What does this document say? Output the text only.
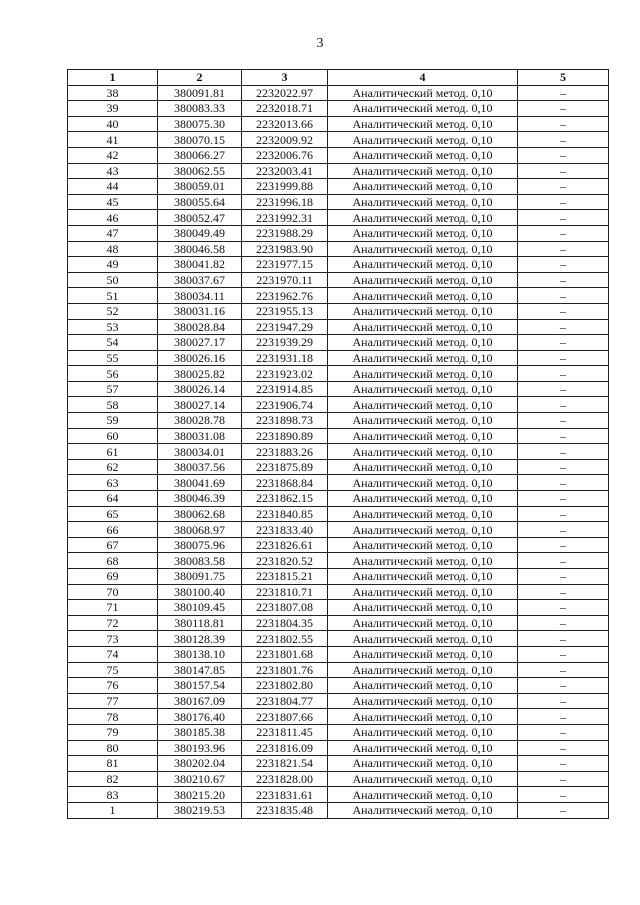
3
1	2	3	4	5
38	380091.81	2232022.97	Аналитический метод. 0,10	–
39	380083.33	2232018.71	Аналитический метод. 0,10	–
40	380075.30	2232013.66	Аналитический метод. 0,10	–
41	380070.15	2232009.92	Аналитический метод. 0,10	–
42	380066.27	2232006.76	Аналитический метод. 0,10	–
43	380062.55	2232003.41	Аналитический метод. 0,10	–
44	380059.01	2231999.88	Аналитический метод. 0,10	–
45	380055.64	2231996.18	Аналитический метод. 0,10	–
46	380052.47	2231992.31	Аналитический метод. 0,10	–
47	380049.49	2231988.29	Аналитический метод. 0,10	–
48	380046.58	2231983.90	Аналитический метод. 0,10	–
49	380041.82	2231977.15	Аналитический метод. 0,10	–
50	380037.67	2231970.11	Аналитический метод. 0,10	–
51	380034.11	2231962.76	Аналитический метод. 0,10	–
52	380031.16	2231955.13	Аналитический метод. 0,10	–
53	380028.84	2231947.29	Аналитический метод. 0,10	–
54	380027.17	2231939.29	Аналитический метод. 0,10	–
55	380026.16	2231931.18	Аналитический метод. 0,10	–
56	380025.82	2231923.02	Аналитический метод. 0,10	–
57	380026.14	2231914.85	Аналитический метод. 0,10	–
58	380027.14	2231906.74	Аналитический метод. 0,10	–
59	380028.78	2231898.73	Аналитический метод. 0,10	–
60	380031.08	2231890.89	Аналитический метод. 0,10	–
61	380034.01	2231883.26	Аналитический метод. 0,10	–
62	380037.56	2231875.89	Аналитический метод. 0,10	–
63	380041.69	2231868.84	Аналитический метод. 0,10	–
64	380046.39	2231862.15	Аналитический метод. 0,10	–
65	380062.68	2231840.85	Аналитический метод. 0,10	–
66	380068.97	2231833.40	Аналитический метод. 0,10	–
67	380075.96	2231826.61	Аналитический метод. 0,10	–
68	380083.58	2231820.52	Аналитический метод. 0,10	–
69	380091.75	2231815.21	Аналитический метод. 0,10	–
70	380100.40	2231810.71	Аналитический метод. 0,10	–
71	380109.45	2231807.08	Аналитический метод. 0,10	–
72	380118.81	2231804.35	Аналитический метод. 0,10	–
73	380128.39	2231802.55	Аналитический метод. 0,10	–
74	380138.10	2231801.68	Аналитический метод. 0,10	–
75	380147.85	2231801.76	Аналитический метод. 0,10	–
76	380157.54	2231802.80	Аналитический метод. 0,10	–
77	380167.09	2231804.77	Аналитический метод. 0,10	–
78	380176.40	2231807.66	Аналитический метод. 0,10	–
79	380185.38	2231811.45	Аналитический метод. 0,10	–
80	380193.96	2231816.09	Аналитический метод. 0,10	–
81	380202.04	2231821.54	Аналитический метод. 0,10	–
82	380210.67	2231828.00	Аналитический метод. 0,10	–
83	380215.20	2231831.61	Аналитический метод. 0,10	–
1	380219.53	2231835.48	Аналитический метод. 0,10	–
